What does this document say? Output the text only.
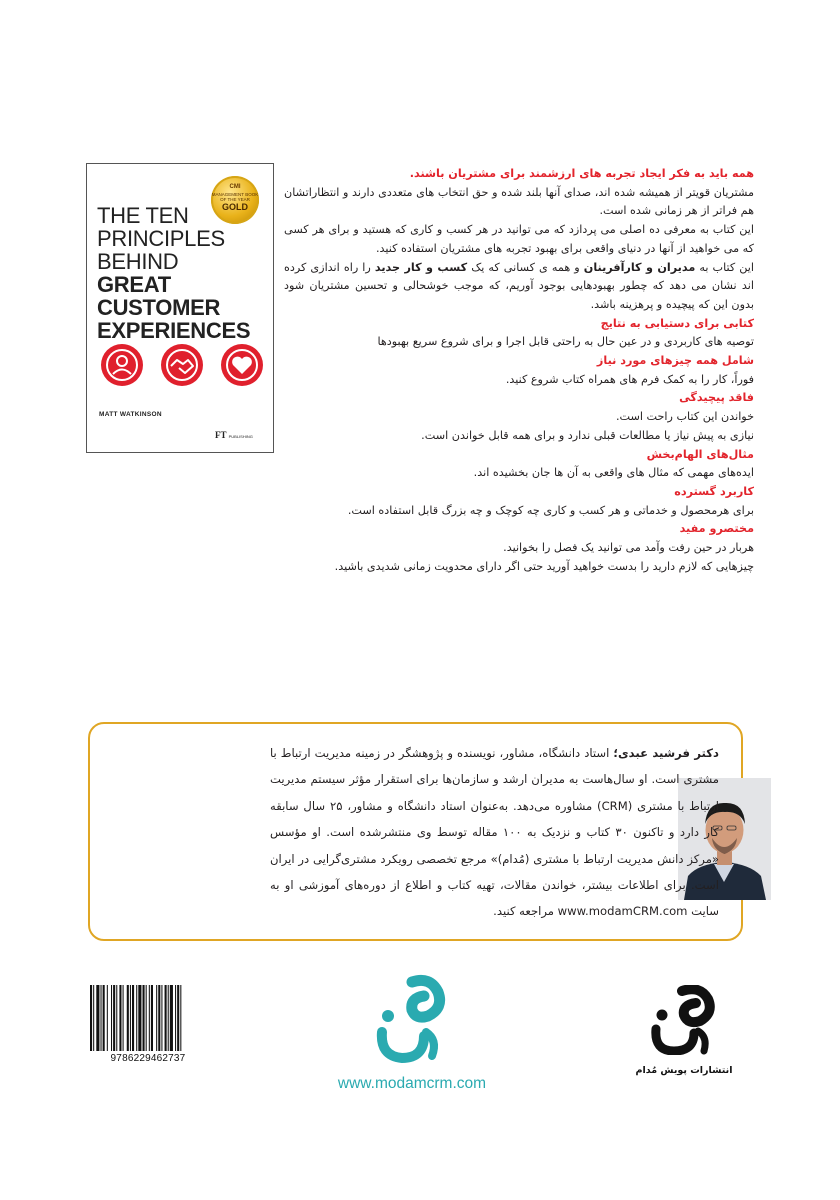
CMI
MANAGEMENT BOOK OF THE YEAR
GOLD
THE TEN
PRINCIPLES
BEHIND
GREAT
CUSTOMER
EXPERIENCES
MATT WATKINSON
FT PUBLISHING

همه باید به فکر ایجاد تجربه های ارزشمند برای مشتریان باشند.

مشتریان قویتر از همیشه شده اند، صدای آنها بلند شده و حق انتخاب های متعددی دارند و انتظاراتشان هم فراتر از هر زمانی شده است.

این کتاب به معرفی ده اصلی می پردازد که می توانید در هر کسب و کاری که هستید و برای هر کسی که می خواهید از آنها در دنیای واقعی برای بهبود تجربه های مشتریان استفاده کنید.

این کتاب به مدیران و کارآفرینان و همه ی کسانی که یک کسب و کار جدید را راه اندازی کرده اند نشان می دهد که چطور بهبودهایی بوجود آوریم، که موجب خوشحالی و تحسین مشتریان شود بدون این که پیچیده و پرهزینه باشد.

کتابی برای دستیابی به نتایج

توصیه های کاربردی و در عین حال به راحتی قابل اجرا و برای شروع سریع بهبودها

شامل همه چیزهای مورد نیاز

فوراً، کار را به کمک فرم های همراه کتاب شروع کنید.

فاقد پیچیدگی

خواندن این کتاب راحت است.

نیازی به پیش نیاز یا مطالعات قبلی ندارد و برای همه قابل خواندن است.

مثال‌های الهام‌بخش

ایده‌های مهمی که مثال های واقعی به آن ها جان بخشیده اند.

کاربرد گسترده

برای هرمحصول و خدماتی و هر کسب و کاری چه کوچک و چه بزرگ قابل استفاده است.

مختصرو مفید

هربار در حین رفت وآمد می توانید یک فصل را بخوانید.

چیزهایی که لازم دارید را بدست خواهید آورید حتی اگر دارای محدویت زمانی شدیدی باشید.

دکتر فرشید عبدی؛ استاد دانشگاه، مشاور، نویسنده و پژوهشگر در زمینه مدیریت ارتباط با مشتری است. او سال‌هاست به مدیران ارشد و سازمان‌ها برای استقرار مؤثر سیستم مدیریت ارتباط با مشتری (CRM) مشاوره می‌دهد. به‌عنوان استاد دانشگاه و مشاور، ۲۵ سال سابقه کار دارد و تاکنون ۳۰ کتاب و نزدیک به ۱۰۰ مقاله توسط وی منتشرشده است. او مؤسس «مرکز دانش مدیریت ارتباط با مشتری (مُدام)» مرجع تخصصی رویکرد مشتری‌گرایی در ایران است. برای اطلاعات بیشتر، خواندن مقالات، تهیه کتاب و اطلاع از دوره‌های آموزشی او به سایت www.modamCRM.com مراجعه کنید.
9786229462737
www.modamcrm.com
انتشارات پویش مُدام
